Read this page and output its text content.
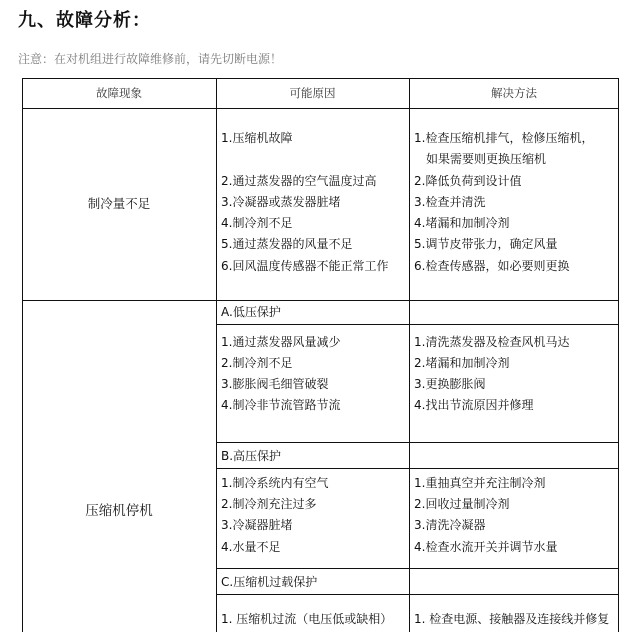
九、故障分析：
注意：在对机组进行故障维修前，请先切断电源！
故障现象	可能原因	解决方法
制冷量不足
1.压缩机故障
2.通过蒸发器的空气温度过高
3.冷凝器或蒸发器脏堵
4.制冷剂不足
5.通过蒸发器的风量不足
6.回风温度传感器不能正常工作
1.检查压缩机排气，检修压缩机，
如果需要则更换压缩机
2.降低负荷到设计值
3.检查并清洗
4.堵漏和加制冷剂
5.调节皮带张力，确定风量
6.检查传感器，如必要则更换
压缩机停机
A.低压保护
1.通过蒸发器风量减少
2.制冷剂不足
3.膨胀阀毛细管破裂
4.制冷非节流管路节流
1.清洗蒸发器及检查风机马达
2.堵漏和加制冷剂
3.更换膨胀阀
4.找出节流原因并修理
B.高压保护
1.制冷系统内有空气
2.制冷剂充注过多
3.冷凝器脏堵
4.水量不足
1.重抽真空并充注制冷剂
2.回收过量制冷剂
3.清洗冷凝器
4.检查水流开关并调节水量
C.压缩机过载保护
1. 压缩机过流（电压低或缺相） 1. 检查电源、接触器及连接线并修复
